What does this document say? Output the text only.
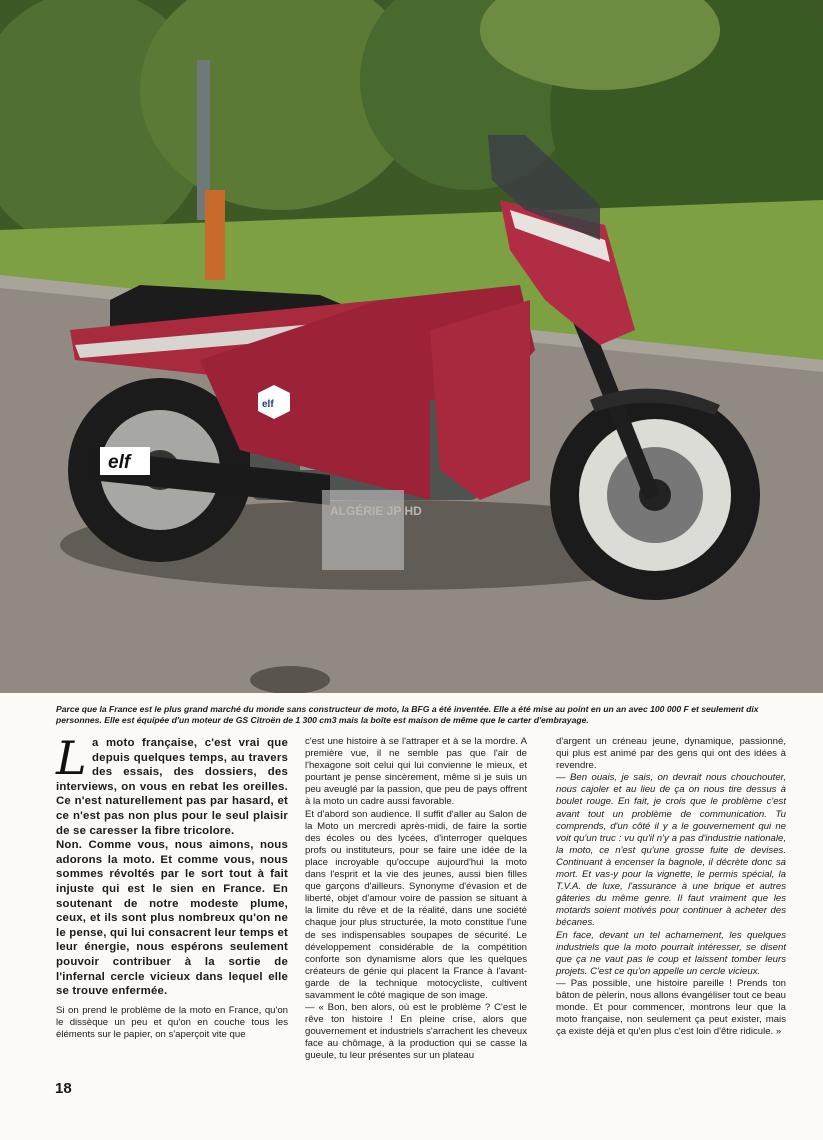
elf
elf
ALGÉRIE JP HD
Parce que la France est le plus grand marché du monde sans constructeur de moto, la BFG a été inventée. Elle a été mise au point en un an avec 100 000 F et seulement dix personnes. Elle est équipée d'un moteur de GS Citroën de 1 300 cm3 mais la boîte est maison de même que le carter d'embrayage.
L a moto française, c'est vrai que depuis quelques temps, au travers des essais, des dossiers, des interviews, on vous en rebat les oreilles. Ce n'est naturellement pas par hasard, et ce n'est pas non plus pour le seul plaisir de se caresser la fibre tricolore.

Non. Comme vous, nous aimons, nous adorons la moto. Et comme vous, nous sommes révoltés par le sort tout à fait injuste qui est le sien en France. En soutenant de notre modeste plume, ceux, et ils sont plus nombreux qu'on ne le pense, qui lui consacrent leur temps et leur énergie, nous espérons seulement pouvoir contribuer à la sortie de l'infernal cercle vicieux dans lequel elle se trouve enfermée.

Si on prend le problème de la moto en France, qu'on le dissèque un peu et qu'on en couche tous les éléments sur le papier, on s'aperçoit vite que

c'est une histoire à se l'attraper et à se la mordre. A première vue, il ne semble pas que l'air de l'hexagone soit celui qui lui convienne le mieux, et pourtant je pense sincèrement, même si je suis un peu aveuglé par la passion, que peu de pays offrent à la moto un cadre aussi favorable.

Et d'abord son audience. Il suffit d'aller au Salon de la Moto un mercredi après-midi, de faire la sortie des écoles ou des lycées, d'interroger quelques profs ou instituteurs, pour se faire une idée de la place incroyable qu'occupe aujourd'hui la moto dans l'esprit et la vie des jeunes, aussi bien filles que garçons d'ailleurs. Synonyme d'évasion et de liberté, objet d'amour voire de passion se situant à la limite du rêve et de la réalité, dans une société chaque jour plus structurée, la moto constitue l'une de ses indispensables soupapes de sécurité. Le développement considérable de la compétition conforte son dynamisme alors que les quelques créateurs de génie qui placent la France à l'avant-garde de la technique motocycliste, cultivent savamment le côté magique de son image.

— « Bon, ben alors, où est le problème ? C'est le rêve ton histoire ! En pleine crise, alors que gouvernement et industriels s'arrachent les cheveux face au chômage, à la production qui se casse la gueule, tu leur présentes sur un plateau

d'argent un créneau jeune, dynamique, passionné, qui plus est animé par des gens qui ont des idées à revendre.

— Ben ouais, je sais, on devrait nous chouchouter, nous cajoler et au lieu de ça on nous tire dessus à boulet rouge. En fait, je crois que le problème c'est avant tout un problème de communication. Tu comprends, d'un côté il y a le gouvernement qui ne voit qu'un truc : vu qu'il n'y a pas d'industrie nationale, la moto, ce n'est qu'une grosse fuite de devises. Continuant à encenser la bagnole, il décrète donc sa mort. Et vas-y pour la vignette, le permis spécial, la T.V.A. de luxe, l'assurance à une brique et autres gâteries du même genre. Il faut vraiment que les motards soient motivés pour continuer à acheter des bécanes.

En face, devant un tel acharnement, les quelques industriels que la moto pourrait intéresser, se disent que ça ne vaut pas le coup et laissent tomber leurs projets. C'est ce qu'on appelle un cercle vicieux.

— Pas possible, une histoire pareille ! Prends ton bâton de pèlerin, nous allons évangéliser tout ce beau monde. Et pour commencer, montrons leur que la moto française, non seulement ça peut exister, mais ça existe déjà et qu'en plus c'est loin d'être ridicule. »

18
